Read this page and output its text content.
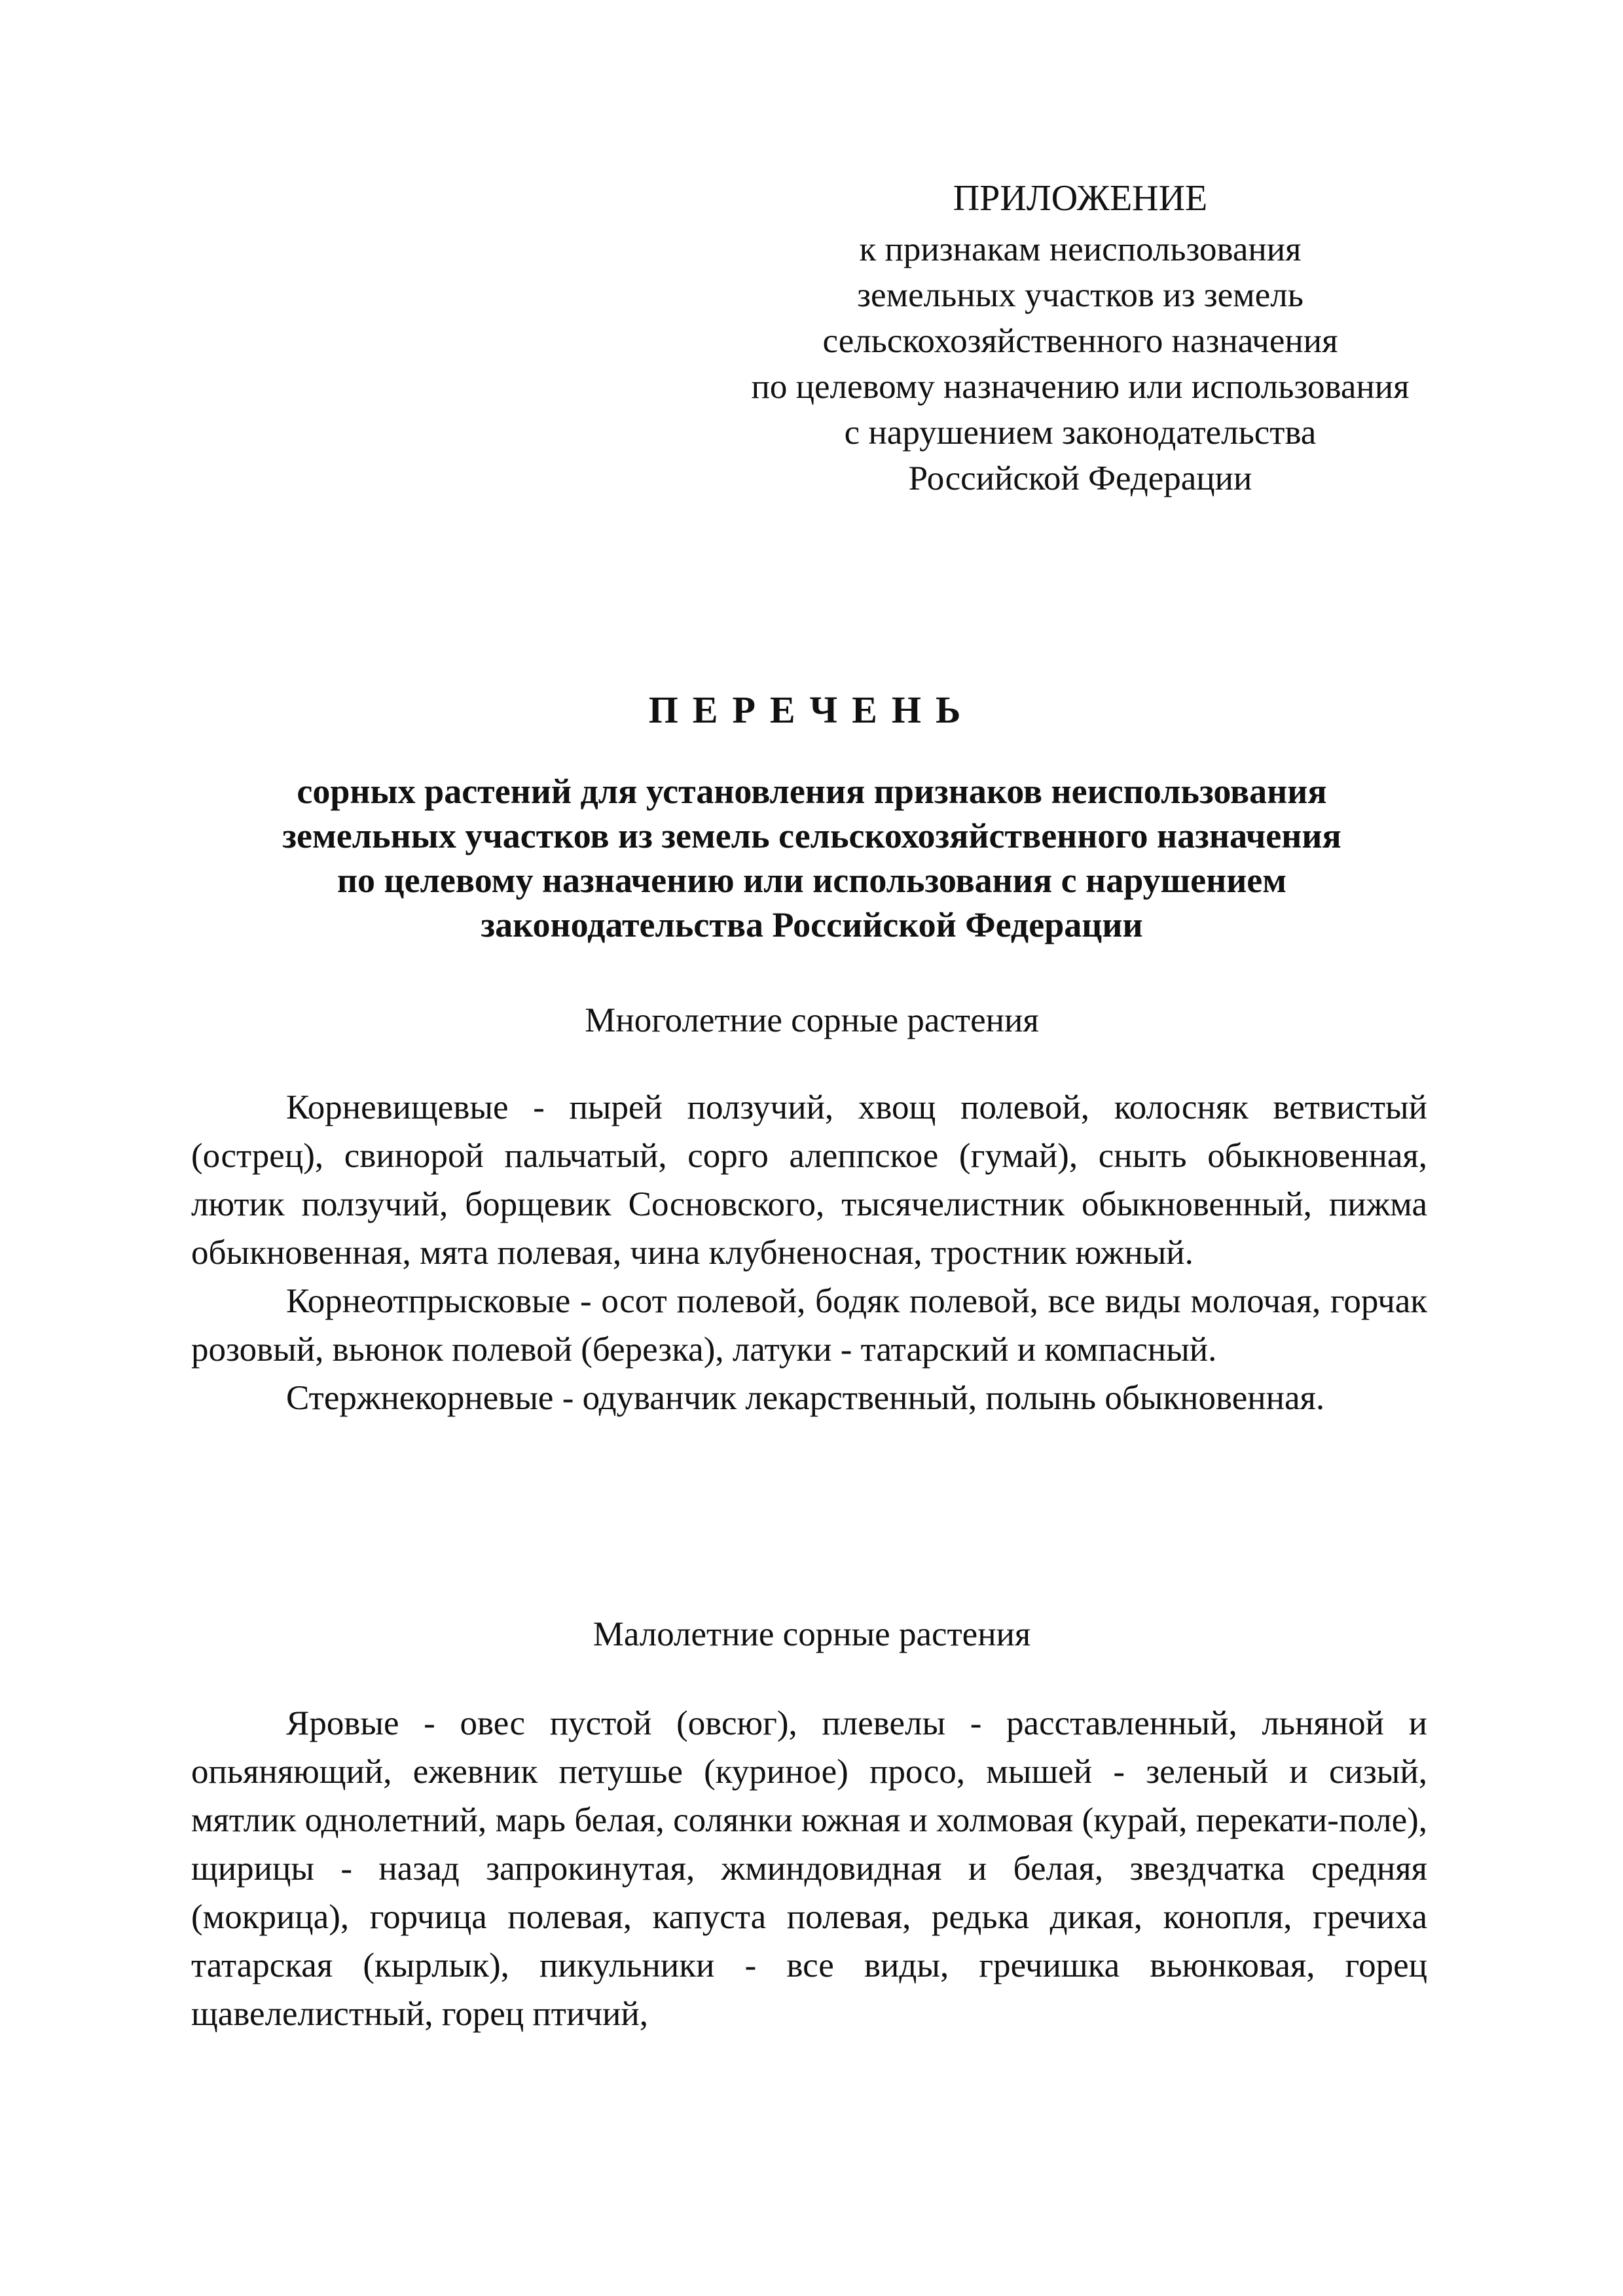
ПРИЛОЖЕНИЕ
к признакам неиспользования
земельных участков из земель
сельскохозяйственного назначения
по целевому назначению или использования
с нарушением законодательства
Российской Федерации
ПЕРЕЧЕНЬ
сорных растений для установления признаков неиспользования
земельных участков из земель сельскохозяйственного назначения
по целевому назначению или использования с нарушением
законодательства Российской Федерации
Многолетние сорные растения

Корневищевые - пырей ползучий, хвощ полевой, колосняк ветвистый (острец), свинорой пальчатый, сорго алеппское (гумай), сныть обыкновенная, лютик ползучий, борщевик Сосновского, тысячелистник обыкновенный, пижма обыкновенная, мята полевая, чина клубненосная, тростник южный.

Корнеотпрысковые - осот полевой, бодяк полевой, все виды молочая, горчак розовый, вьюнок полевой (березка), латуки - татарский и компасный.

Стержнекорневые - одуванчик лекарственный, полынь обыкновенная.

Малолетние сорные растения

Яровые - овес пустой (овсюг), плевелы - расставленный, льняной и опьяняющий, ежевник петушье (куриное) просо, мышей - зеленый и сизый, мятлик однолетний, марь белая, солянки южная и холмовая (курай, перекати-поле), щирицы - назад запрокинутая, жминдовидная и белая, звездчатка средняя (мокрица), горчица полевая, капуста полевая, редька дикая, конопля, гречиха татарская (кырлык), пикульники - все виды, гречишка вьюнковая, горец щавелелистный, горец птичий,
